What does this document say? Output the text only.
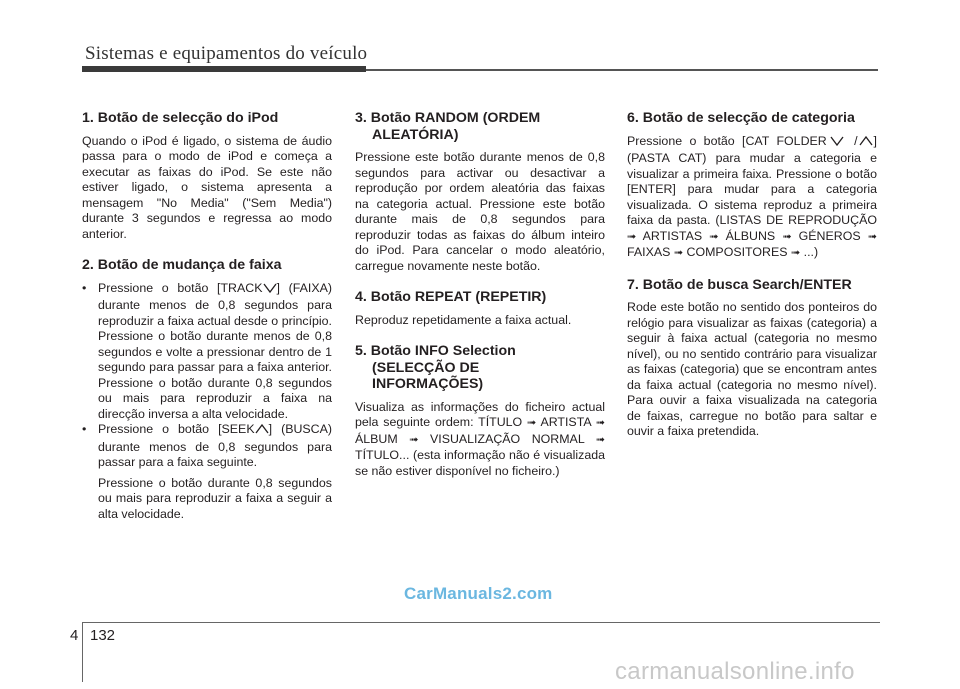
Sistemas e equipamentos do veículo
1. Botão de selecção do iPod

Quando o iPod é ligado, o sistema de áudio passa para o modo de iPod e começa a executar as faixas do iPod. Se este não estiver ligado, o sistema apresenta a mensagem "No Media" ("Sem Media") durante 3 segundos e regressa ao modo anterior.

2. Botão de mudança de faixa
• Pressione o botão [TRACK ] (FAIXA) durante menos de 0,8 segundos para reproduzir a faixa actual desde o princípio. Pressione o botão durante menos de 0,8 segundos e volte a pressionar dentro de 1 segundo para passar para a faixa anterior. Pressione o botão durante 0,8 segundos ou mais para reproduzir a faixa na direcção inversa a alta velocidade.
• Pressione o botão [SEEK ] (BUSCA) durante menos de 0,8 segundos para passar para a faixa seguinte.
Pressione o botão durante 0,8 segundos ou mais para reproduzir a faixa a seguir a alta velocidade.
3. Botão RANDOM (ORDEM
ALEATÓRIA)

Pressione este botão durante menos de 0,8 segundos para activar ou desactivar a reprodução por ordem aleatória das faixas na categoria actual. Pressione este botão durante mais de 0,8 segundos para reproduzir todas as faixas do álbum inteiro do iPod. Para cancelar o modo aleatório, carregue novamente neste botão.

4. Botão REPEAT (REPETIR)

Reproduz repetidamente a faixa actual.

5. Botão INFO Selection
(SELECÇÃO DE
INFORMAÇÕES)

Visualiza as informações do ficheiro actual pela seguinte ordem: TÍTULO ➟ ARTISTA ➟ ÁLBUM ➟ VISUALIZAÇÃO NORMAL ➟ TÍTULO... (esta informação não é visualizada se não estiver disponível no ficheiro.)

6. Botão de selecção de categoria

Pressione o botão [CAT FOLDER / ] (PASTA CAT) para mudar a categoria e visualizar a primeira faixa. Pressione o botão [ENTER] para mudar para a categoria visualizada. O sistema reproduz a primeira faixa da pasta. (LISTAS DE REPRODUÇÃO ➟ ARTISTAS ➟ ÁLBUNS ➟ GÉNEROS ➟ FAIXAS ➟ COMPOSITORES ➟ ...)

7. Botão de busca Search/ENTER

Rode este botão no sentido dos ponteiros do relógio para visualizar as faixas (categoria) a seguir à faixa actual (categoria no mesmo nível), ou no sentido contrário para visualizar as faixas (categoria) que se encontram antes da faixa actual (categoria no mesmo nível). Para ouvir a faixa visualizada na categoria de faixas, carregue no botão para saltar e ouvir a faixa pretendida.

CarManuals2.com
4 132
carmanualsonline.info
